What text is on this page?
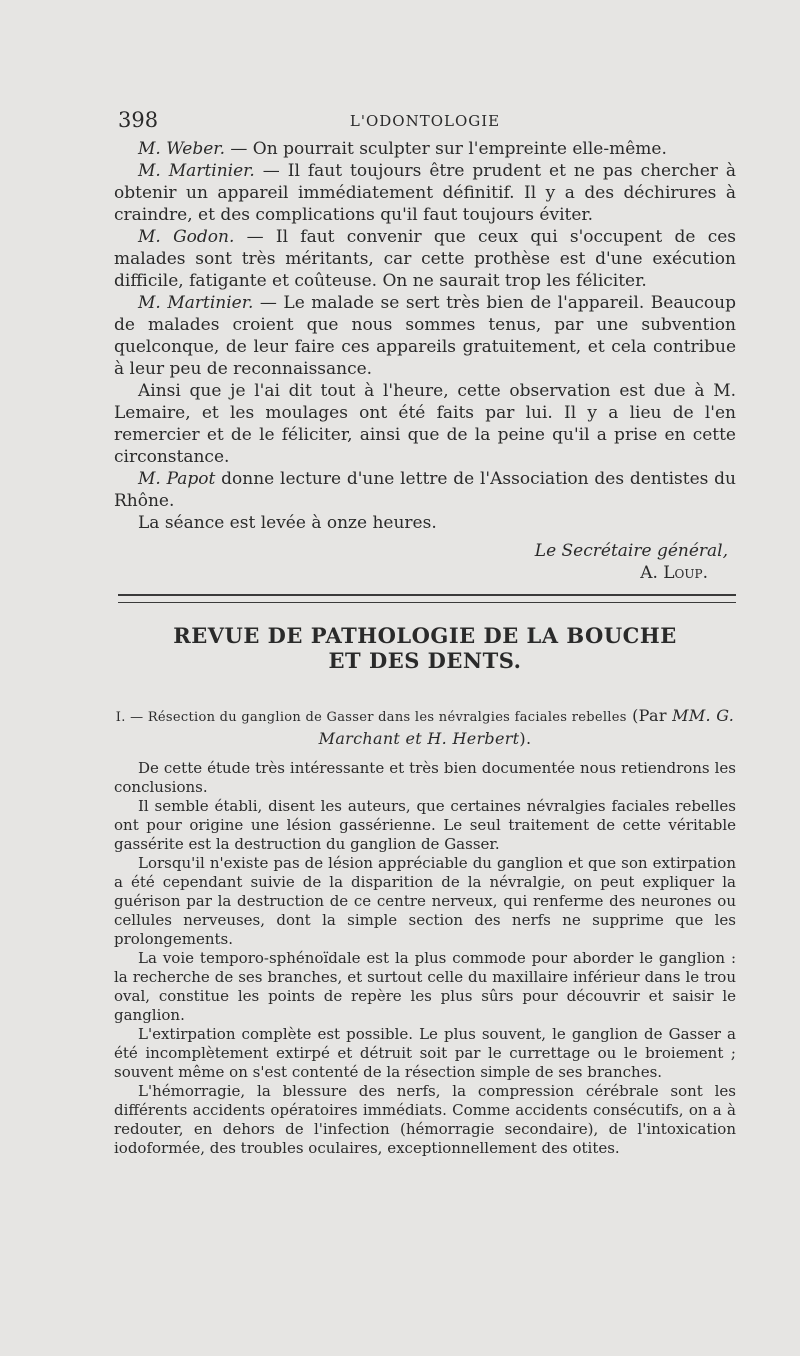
398	L'ODONTOLOGIE

M. Weber. — On pourrait sculpter sur l'empreinte elle-même.

M. Martinier. — Il faut toujours être prudent et ne pas chercher à obtenir un appareil immédiatement définitif. Il y a des déchirures à craindre, et des complications qu'il faut toujours éviter.

M. Godon. — Il faut convenir que ceux qui s'occupent de ces malades sont très méritants, car cette prothèse est d'une exécution difficile, fatigante et coûteuse. On ne saurait trop les féliciter.

M. Martinier. — Le malade se sert très bien de l'appareil. Beaucoup de malades croient que nous sommes tenus, par une subvention quelconque, de leur faire ces appareils gratuitement, et cela contribue à leur peu de reconnaissance.

Ainsi que je l'ai dit tout à l'heure, cette observation est due à M. Lemaire, et les moulages ont été faits par lui. Il y a lieu de l'en remercier et de le féliciter, ainsi que de la peine qu'il a prise en cette circonstance.

M. Papot donne lecture d'une lettre de l'Association des dentistes du Rhône.

La séance est levée à onze heures.

Le Secrétaire général,
A. Loup.
REVUE DE PATHOLOGIE DE LA BOUCHE
ET DES DENTS.
I. — Résection du ganglion de Gasser dans les névralgies faciales rebelles (Par MM. G. Marchant et H. Herbert).

De cette étude très intéressante et très bien documentée nous retiendrons les conclusions.

Il semble établi, disent les auteurs, que certaines névralgies faciales rebelles ont pour origine une lésion gassérienne. Le seul traitement de cette véritable gassérite est la destruction du ganglion de Gasser.

Lorsqu'il n'existe pas de lésion appréciable du ganglion et que son extirpation a été cependant suivie de la disparition de la névralgie, on peut expliquer la guérison par la destruction de ce centre nerveux, qui renferme des neurones ou cellules nerveuses, dont la simple section des nerfs ne supprime que les prolongements.

La voie temporo-sphénoïdale est la plus commode pour aborder le ganglion : la recherche de ses branches, et surtout celle du maxillaire inférieur dans le trou oval, constitue les points de repère les plus sûrs pour découvrir et saisir le ganglion.

L'extirpation complète est possible. Le plus souvent, le ganglion de Gasser a été incomplètement extirpé et détruit soit par le currettage ou le broiement ; souvent même on s'est contenté de la résection simple de ses branches.

L'hémorragie, la blessure des nerfs, la compression cérébrale sont les différents accidents opératoires immédiats. Comme accidents consécutifs, on a à redouter, en dehors de l'infection (hémorragie secondaire), de l'intoxication iodoformée, des troubles oculaires, exceptionnellement des otites.
